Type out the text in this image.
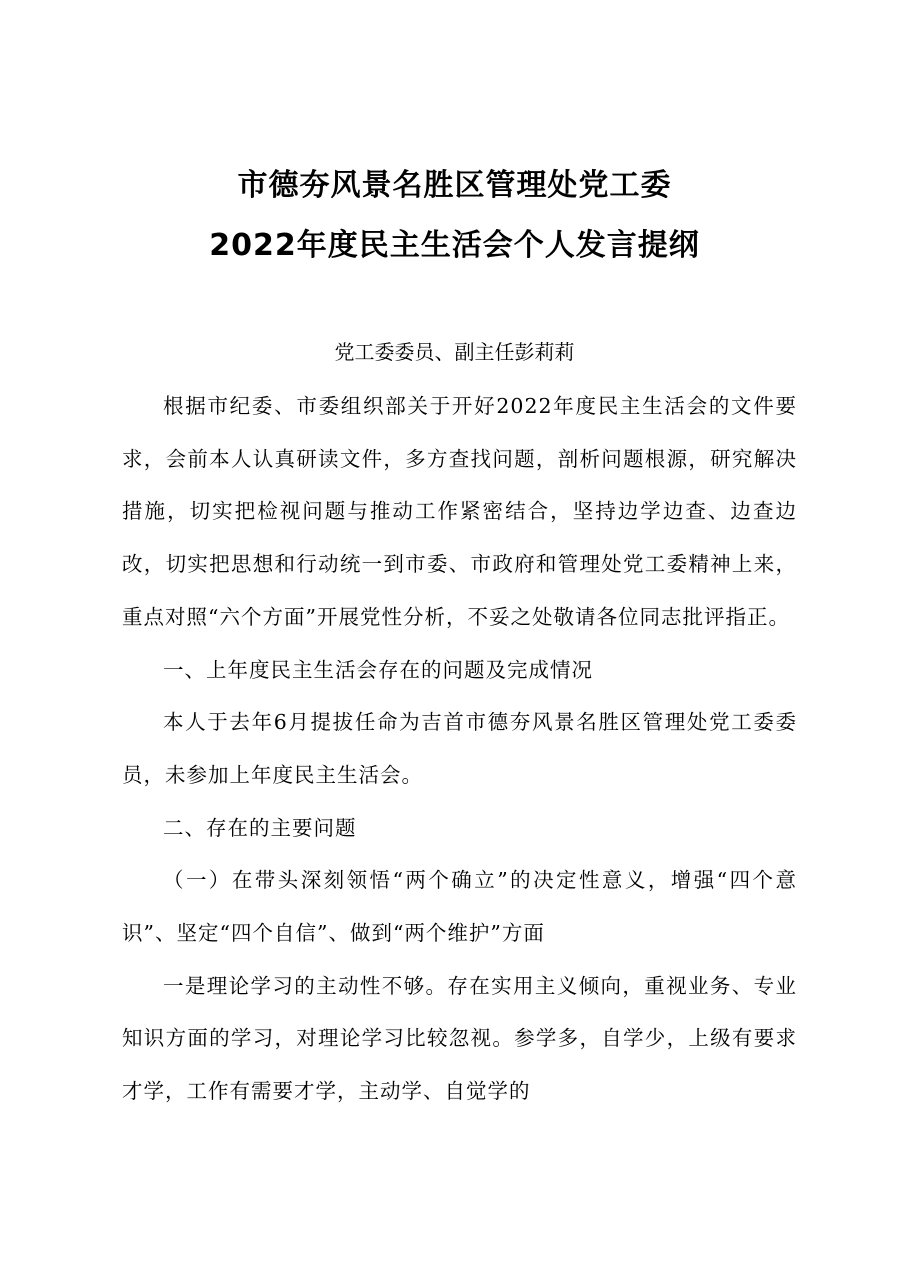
市德夯风景名胜区管理处党工委
2022年度民主生活会个人发言提纲
党工委委员、副主任彭莉莉

根据市纪委、市委组织部关于开好2022年度民主生活会的文件要求，会前本人认真研读文件，多方查找问题，剖析问题根源，研究解决措施，切实把检视问题与推动工作紧密结合，坚持边学边查、边查边改，切实把思想和行动统一到市委、市政府和管理处党工委精神上来，重点对照“六个方面”开展党性分析，不妥之处敬请各位同志批评指正。

一、上年度民主生活会存在的问题及完成情况

本人于去年6月提拔任命为吉首市德夯风景名胜区管理处党工委委员，未参加上年度民主生活会。

二、存在的主要问题

（一）在带头深刻领悟“两个确立”的决定性意义，增强“四个意识”、坚定“四个自信”、做到“两个维护”方面

一是理论学习的主动性不够。存在实用主义倾向，重视业务、专业知识方面的学习，对理论学习比较忽视。参学多，自学少，上级有要求才学，工作有需要才学，主动学、自觉学的
